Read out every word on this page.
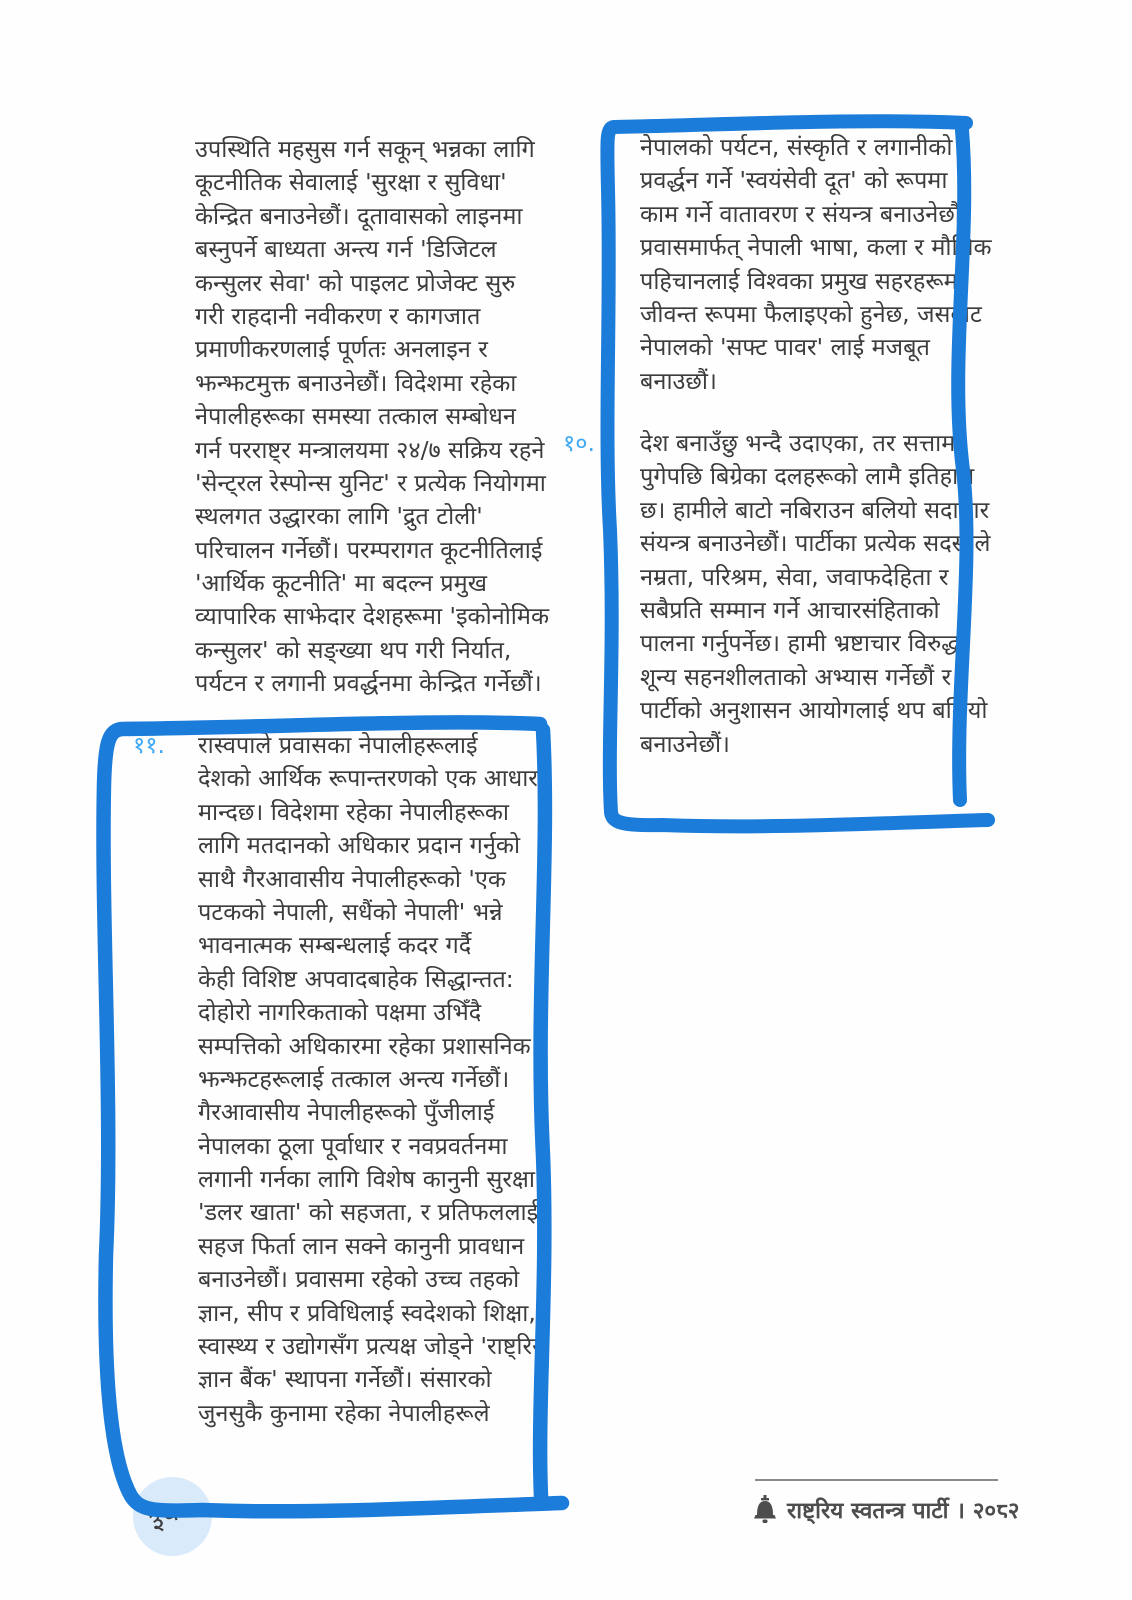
उपस्थिति महसुस गर्न सकून् भन्नका लागि
कूटनीतिक सेवालाई 'सुरक्षा र सुविधा'
केन्द्रित बनाउनेछौं। दूतावासको लाइनमा
बस्नुपर्ने बाध्यता अन्त्य गर्न 'डिजिटल
कन्सुलर सेवा' को पाइलट प्रोजेक्ट सुरु
गरी राहदानी नवीकरण र कागजात
प्रमाणीकरणलाई पूर्णतः अनलाइन र
झन्झटमुक्त बनाउनेछौं। विदेशमा रहेका
नेपालीहरूका समस्या तत्काल सम्बोधन
गर्न परराष्ट्र मन्त्रालयमा २४/७ सक्रिय रहने
'सेन्ट्रल रेस्पोन्स युनिट' र प्रत्येक नियोगमा
स्थलगत उद्धारका लागि 'द्रुत टोली'
परिचालन गर्नेछौं। परम्परागत कूटनीतिलाई
'आर्थिक कूटनीति' मा बदल्न प्रमुख
व्यापारिक साझेदार देशहरूमा 'इकोनोमिक
कन्सुलर' को सङ्ख्या थप गरी निर्यात,
पर्यटन र लगानी प्रवर्द्धनमा केन्द्रित गर्नेछौं।
११. रास्वपाले प्रवासका नेपालीहरूलाई
देशको आर्थिक रूपान्तरणको एक आधार
मान्दछ। विदेशमा रहेका नेपालीहरूका
लागि मतदानको अधिकार प्रदान गर्नुको
साथै गैरआवासीय नेपालीहरूको 'एक
पटकको नेपाली, सधैंको नेपाली' भन्ने
भावनात्मक सम्बन्धलाई कदर गर्दै
केही विशिष्ट अपवादबाहेक सिद्धान्तत:
दोहोरो नागरिकताको पक्षमा उभिँदै
सम्पत्तिको अधिकारमा रहेका प्रशासनिक
झन्झटहरूलाई तत्काल अन्त्य गर्नेछौं।
गैरआवासीय नेपालीहरूको पुँजीलाई
नेपालका ठूला पूर्वाधार र नवप्रवर्तनमा
लगानी गर्नका लागि विशेष कानुनी सुरक्षा,
'डलर खाता' को सहजता, र प्रतिफललाई
सहज फिर्ता लान सक्ने कानुनी प्रावधान
बनाउनेछौं। प्रवासमा रहेको उच्च तहको
ज्ञान, सीप र प्रविधिलाई स्वदेशको शिक्षा,
स्वास्थ्य र उद्योगसँग प्रत्यक्ष जोड्ने 'राष्ट्रिय
ज्ञान बैंक' स्थापना गर्नेछौं। संसारको
जुनसुकै कुनामा रहेका नेपालीहरूले
नेपालको पर्यटन, संस्कृति र लगानीको
प्रवर्द्धन गर्ने 'स्वयंसेवी दूत' को रूपमा
काम गर्ने वातावरण र संयन्त्र बनाउनेछौं।
प्रवासमार्फत् नेपाली भाषा, कला र मौलिक
पहिचानलाई विश्वका प्रमुख सहरहरूमा
जीवन्त रूपमा फैलाइएको हुनेछ, जसबाट
नेपालको 'सफ्ट पावर' लाई मजबूत
बनाउछौं।
१०. देश बनाउँछु भन्दै उदाएका, तर सत्तामा
पुगेपछि बिग्रेका दलहरूको लामै इतिहास
छ। हामीले बाटो नबिराउन बलियो सदाचार
संयन्त्र बनाउनेछौं। पार्टीका प्रत्येक सदस्यले
नम्रता, परिश्रम, सेवा, जवाफदेहिता र
सबैप्रति सम्मान गर्ने आचारसंहिताको
पालना गर्नुपर्नेछ। हामी भ्रष्टाचार विरुद्ध
शून्य सहनशीलताको अभ्यास गर्नेछौं र
पार्टीको अनुशासन आयोगलाई थप बलियो
बनाउनेछौं।
३८	राष्ट्रिय स्वतन्त्र पार्टी । २०८२
